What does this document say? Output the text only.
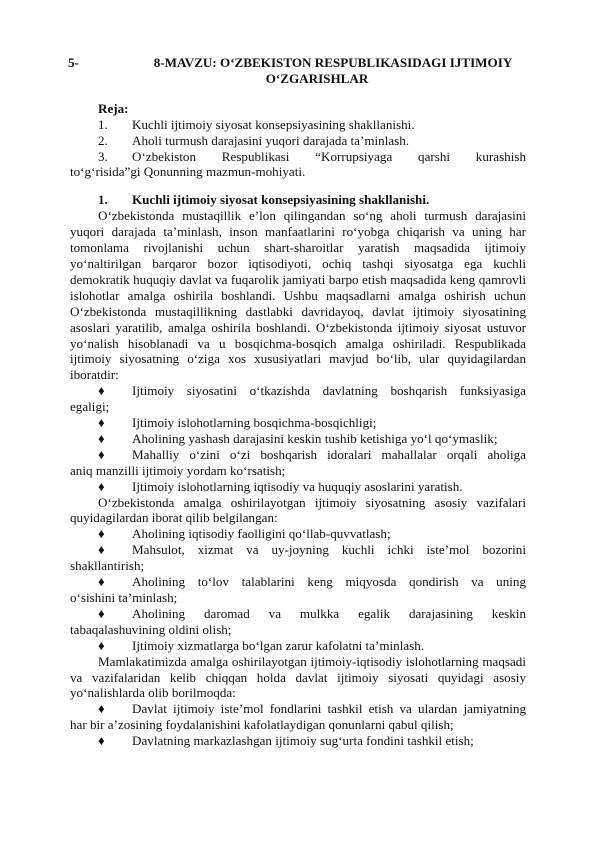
5-	8-MAVZU: O‘ZBEKISTON RESPUBLIKASIDAGI IJTIMOIY
O‘ZGARISHLAR
Reja:
1.	Kuchli ijtimoiy siyosat konsepsiyasining shakllanishi.
2.	Aholi turmush darajasini yuqori darajada ta’minlash.
3.	O‘zbekiston Respublikasi “Korrupsiyaga qarshi kurashish
to‘g‘risida”gi Qonunning mazmun-mohiyati.
1.	Kuchli ijtimoiy siyosat konsepsiyasining shakllanishi.
O‘zbekistonda mustaqillik e’lon qilingandan so‘ng aholi turmush darajasini yuqori darajada ta’minlash, inson manfaatlarini ro‘yobga chiqarish va uning har tomonlama rivojlanishi uchun shart-sharoitlar yaratish maqsadida ijtimoiy yo‘naltirilgan barqaror bozor iqtisodiyoti, ochiq tashqi siyosatga ega kuchli demokratik huquqiy davlat va fuqarolik jamiyati barpo etish maqsadida keng qamrovli islohotlar amalga oshirila boshlandi. Ushbu maqsadlarni amalga oshirish uchun O‘zbekistonda mustaqillikning dastlabki davridayoq, davlat ijtimoiy siyosatining asoslari yaratilib, amalga oshirila boshlandi. O‘zbekistonda ijtimoiy siyosat ustuvor yo‘nalish hisoblanadi va u bosqichma-bosqich amalga oshiriladi. Respublikada ijtimoiy siyosatning o‘ziga xos xususiyatlari mavjud bo‘lib, ular quyidagilardan iboratdir:
♦	Ijtimoiy siyosatini o‘tkazishda davlatning boshqarish funksiyasiga
egaligi;
♦	Ijtimoiy islohotlarning bosqichma-bosqichligi;
♦	Aholining yashash darajasini keskin tushib ketishiga yo‘l qo‘ymaslik;
♦	Mahalliy o‘zini o‘zi boshqarish idoralari mahallalar orqali aholiga
aniq manzilli ijtimoiy yordam ko‘rsatish;
♦	Ijtimoiy islohotlarning iqtisodiy va huquqiy asoslarini yaratish.
O‘zbekistonda amalga oshirilayotgan ijtimoiy siyosatning asosiy vazifalari quyidagilardan iborat qilib belgilangan:
♦	Aholining iqtisodiy faolligini qo‘llab-quvvatlash;
♦	Mahsulot, xizmat va uy-joyning kuchli ichki iste’mol bozorini
shakllantirish;
♦	Aholining to‘lov talablarini keng miqyosda qondirish va uning
o‘sishini ta’minlash;
♦	Aholining daromad va mulkka egalik darajasining keskin
tabaqalashuvining oldini olish;
♦	Ijtimoiy xizmatlarga bo‘lgan zarur kafolatni ta’minlash.
Mamlakatimizda amalga oshirilayotgan ijtimoiy-iqtisodiy islohotlarning maqsadi va vazifalaridan kelib chiqqan holda davlat ijtimoiy siyosati quyidagi asosiy yo‘nalishlarda olib borilmoqda:
♦	Davlat ijtimoiy iste’mol fondlarini tashkil etish va ulardan jamiyatning
har bir a’zosining foydalanishini kafolatlaydigan qonunlarni qabul qilish;
♦	Davlatning markazlashgan ijtimoiy sug‘urta fondini tashkil etish;
